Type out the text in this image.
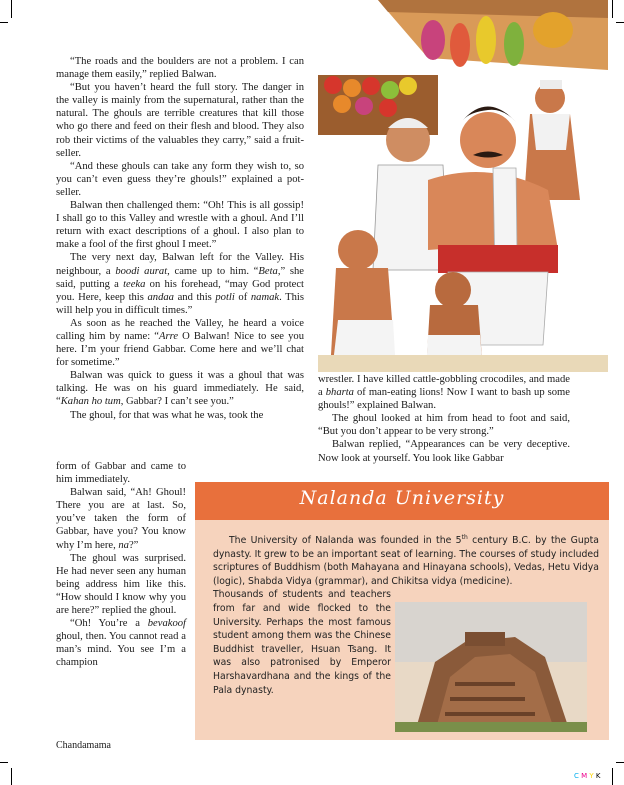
“The roads and the boulders are not a problem. I can manage them easily,” replied Balwan.

“But you haven’t heard the full story. The danger in the valley is mainly from the supernatural, rather than the natural. The ghouls are terrible creatures that kill those who go there and feed on their flesh and blood. They also rob their victims of the valuables they carry,” said a fruit-seller.

“And these ghouls can take any form they wish to, so you can’t even guess they’re ghouls!” explained a pot-seller.

Balwan then challenged them: “Oh! This is all gossip! I shall go to this Valley and wrestle with a ghoul. And I’ll return with exact descriptions of a ghoul. I also plan to make a fool of the first ghoul I meet.”

The very next day, Balwan left for the Valley. His neighbour, a boodi aurat, came up to him. “Beta,” she said, putting a teeka on his forehead, “may God protect you. Here, keep this andaa and this potli of namak. This will help you in difficult times.”

As soon as he reached the Valley, he heard a voice calling him by name: “Arre O Balwan! Nice to see you here. I’m your friend Gabbar. Come here and we’ll chat for sometime.”

Balwan was quick to guess it was a ghoul that was talking. He was on his guard immediately. He said, “Kahan ho tum, Gabbar? I can’t see you.”

The ghoul, for that was what he was, took the

form of Gabbar and came to him immediately.

Balwan said, “Ah! Ghoul! There you are at last. So, you’ve taken the form of Gabbar, have you? You know why I’m here, na?”

The ghoul was surprised. He had never seen any human being address him like this. “How should I know why you are here?” replied the ghoul.

“Oh! You’re a bevakoof ghoul, then. You cannot read a man’s mind. You see I’m a champion

wrestler. I have killed cattle-gobbling crocodiles, and made a bharta of man-eating lions! Now I want to bash up some ghouls!” explained Balwan.

The ghoul looked at him from head to foot and said, “But you don’t appear to be very strong.”

Balwan replied, “Appearances can be very deceptive. Now look at yourself. You look like Gabbar

Nalanda University

The University of Nalanda was founded in the 5th century B.C. by the Gupta dynasty. It grew to be an important seat of learning. The courses of study included scriptures of Buddhism (both Mahayana and Hinayana schools), Vedas, Hetu Vidya (logic), Shabda Vidya (grammar), and Chikitsa vidya (medicine).

Thousands of students and teachers from far and wide flocked to the University. Perhaps the most famous student among them was the Chinese Buddhist traveller, Hsuan Tsang. It was also patronised by Emperor Harshavardhana and the kings of the Pala dynasty.

Chandamama
C M Y K
